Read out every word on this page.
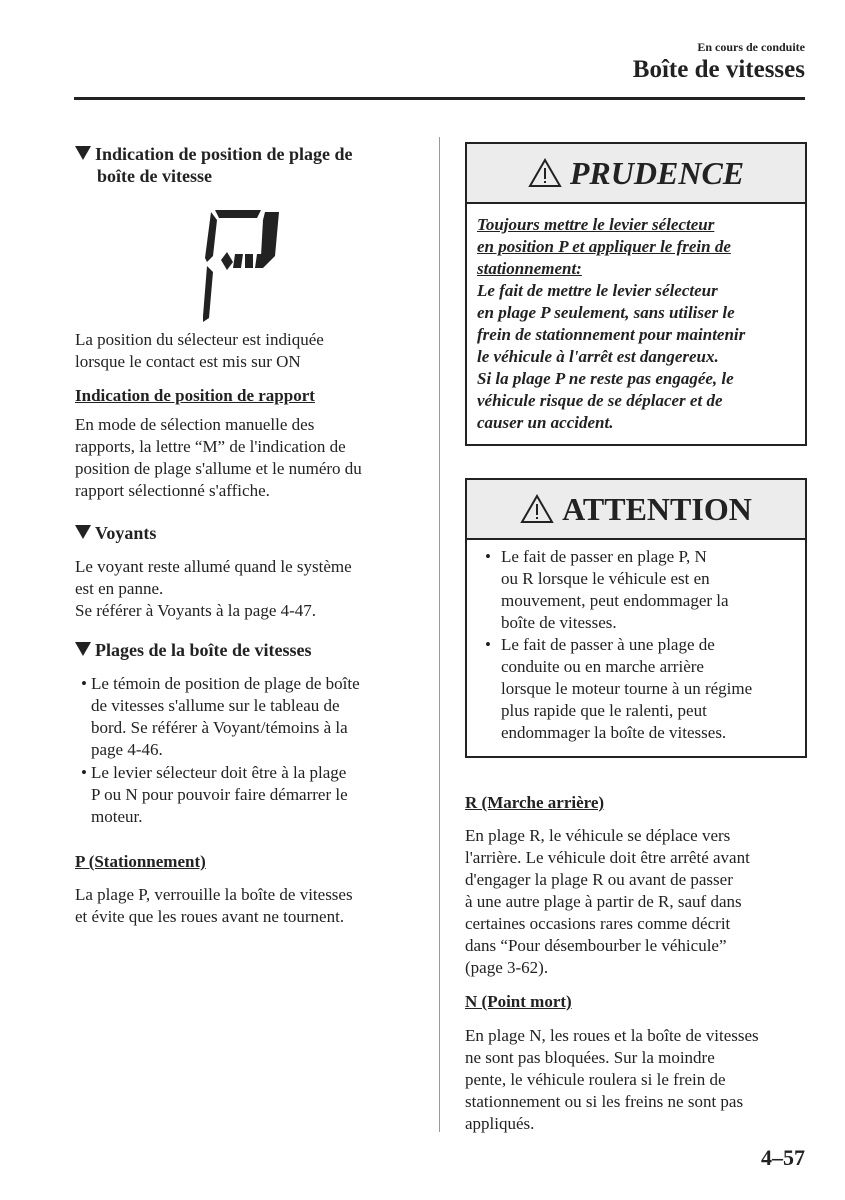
En cours de conduite
Boîte de vitesses
Indication de position de plage de
boîte de vitesse
La position du sélecteur est indiquée
lorsque le contact est mis sur ON
Indication de position de rapport
En mode de sélection manuelle des
rapports, la lettre “M” de l'indication de
position de plage s'allume et le numéro du
rapport sélectionné s'affiche.
Voyants
Le voyant reste allumé quand le système
est en panne.
Se référer à Voyants à la page 4-47.
Plages de la boîte de vitesses
• Le témoin de position de plage de boîte
de vitesses s'allume sur le tableau de
bord. Se référer à Voyant/témoins à la
page 4-46.
• Le levier sélecteur doit être à la plage
P ou N pour pouvoir faire démarrer le
moteur.
P (Stationnement)
La plage P, verrouille la boîte de vitesses
et évite que les roues avant ne tournent.
PRUDENCE
Toujours mettre le levier sélecteur
en position P et appliquer le frein de
stationnement:
Le fait de mettre le levier sélecteur
en plage P seulement, sans utiliser le
frein de stationnement pour maintenir
le véhicule à l'arrêt est dangereux.
Si la plage P ne reste pas engagée, le
véhicule risque de se déplacer et de
causer un accident.
ATTENTION
• Le fait de passer en plage P, N
ou R lorsque le véhicule est en
mouvement, peut endommager la
boîte de vitesses.
• Le fait de passer à une plage de
conduite ou en marche arrière
lorsque le moteur tourne à un régime
plus rapide que le ralenti, peut
endommager la boîte de vitesses.
R (Marche arrière)
En plage R, le véhicule se déplace vers
l'arrière. Le véhicule doit être arrêté avant
d'engager la plage R ou avant de passer
à une autre plage à partir de R, sauf dans
certaines occasions rares comme décrit
dans “Pour désembourber le véhicule”
(page 3-62).
N (Point mort)
En plage N, les roues et la boîte de vitesses
ne sont pas bloquées. Sur la moindre
pente, le véhicule roulera si le frein de
stationnement ou si les freins ne sont pas
appliqués.
4–57
